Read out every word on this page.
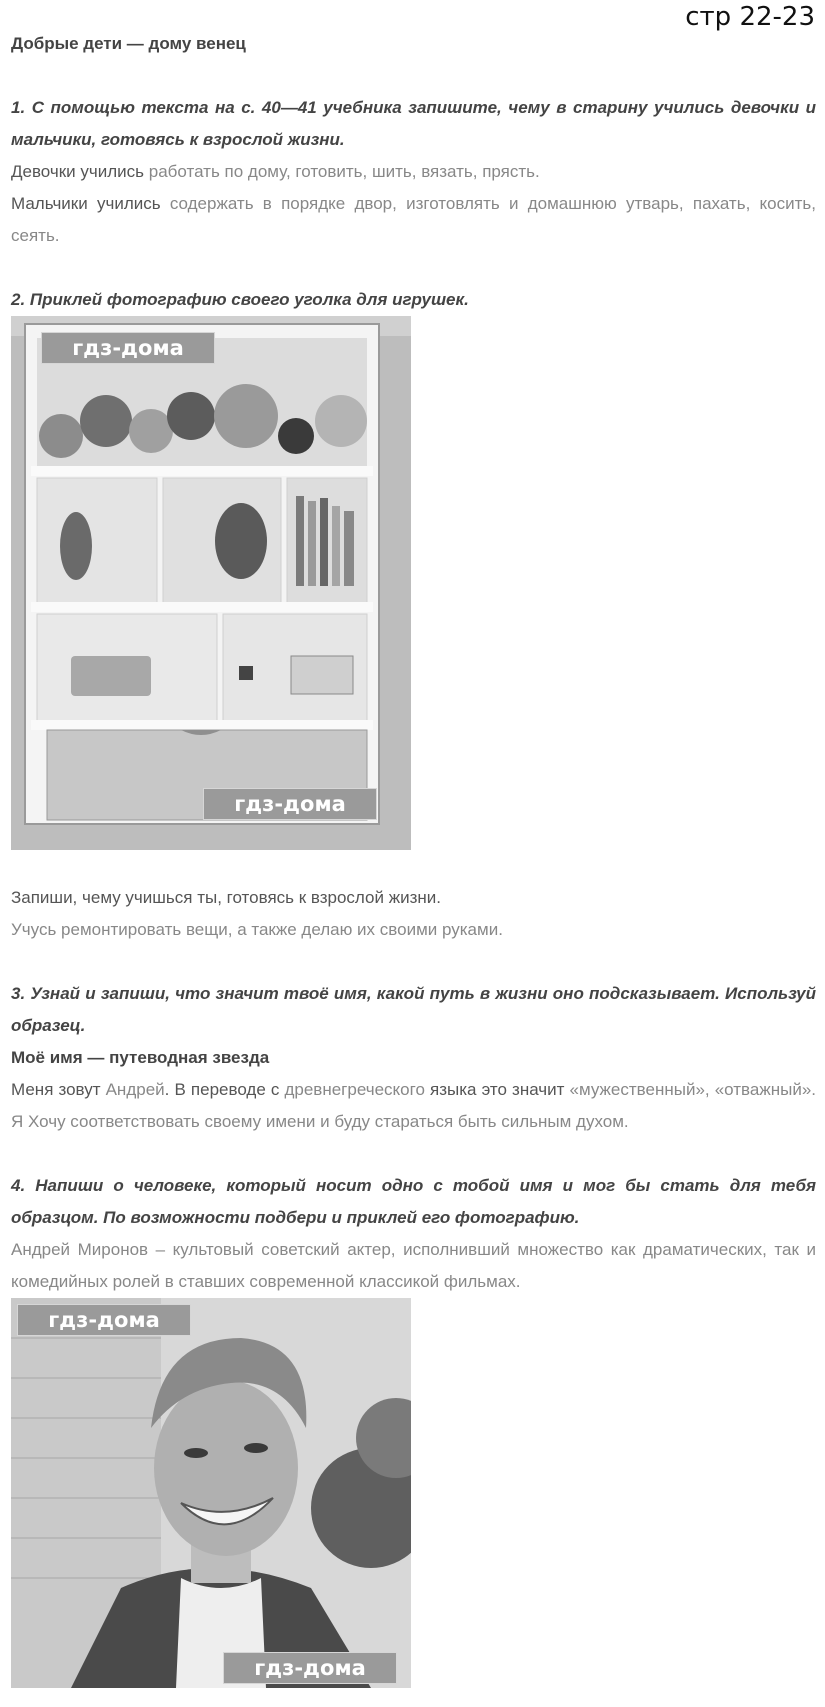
стр 22-23

Добрые дети — дому венец

1. С помощью текста на с. 40—41 учебника запишите, чему в старину учились девочки и мальчики, готовясь к взрослой жизни.

Девочки учились работать по дому, готовить, шить, вязать, прясть.

Мальчики учились содержать в порядке двор, изготовлять и домашнюю утварь, пахать, косить, сеять.

2. Приклей фотографию своего уголка для игрушек.

гдз-дома
гдз-дома

Запиши, чему учишься ты, готовясь к взрослой жизни.

Учусь ремонтировать вещи, а также делаю их своими руками.

3. Узнай и запиши, что значит твоё имя, какой путь в жизни оно подсказывает. Используй образец.

Моё имя — путеводная звезда

Меня зовут Андрей. В переводе с древнегреческого языка это значит «мужественный», «отважный». Я Хочу соответствовать своему имени и буду стараться быть сильным духом.

4. Напиши о человеке, который носит одно с тобой имя и мог бы стать для тебя образцом. По возможности подбери и приклей его фотографию.

Андрей Миронов – культовый советский актер, исполнивший множество как драматических, так и комедийных ролей в ставших современной классикой фильмах.

гдз-дома
гдз-дома
